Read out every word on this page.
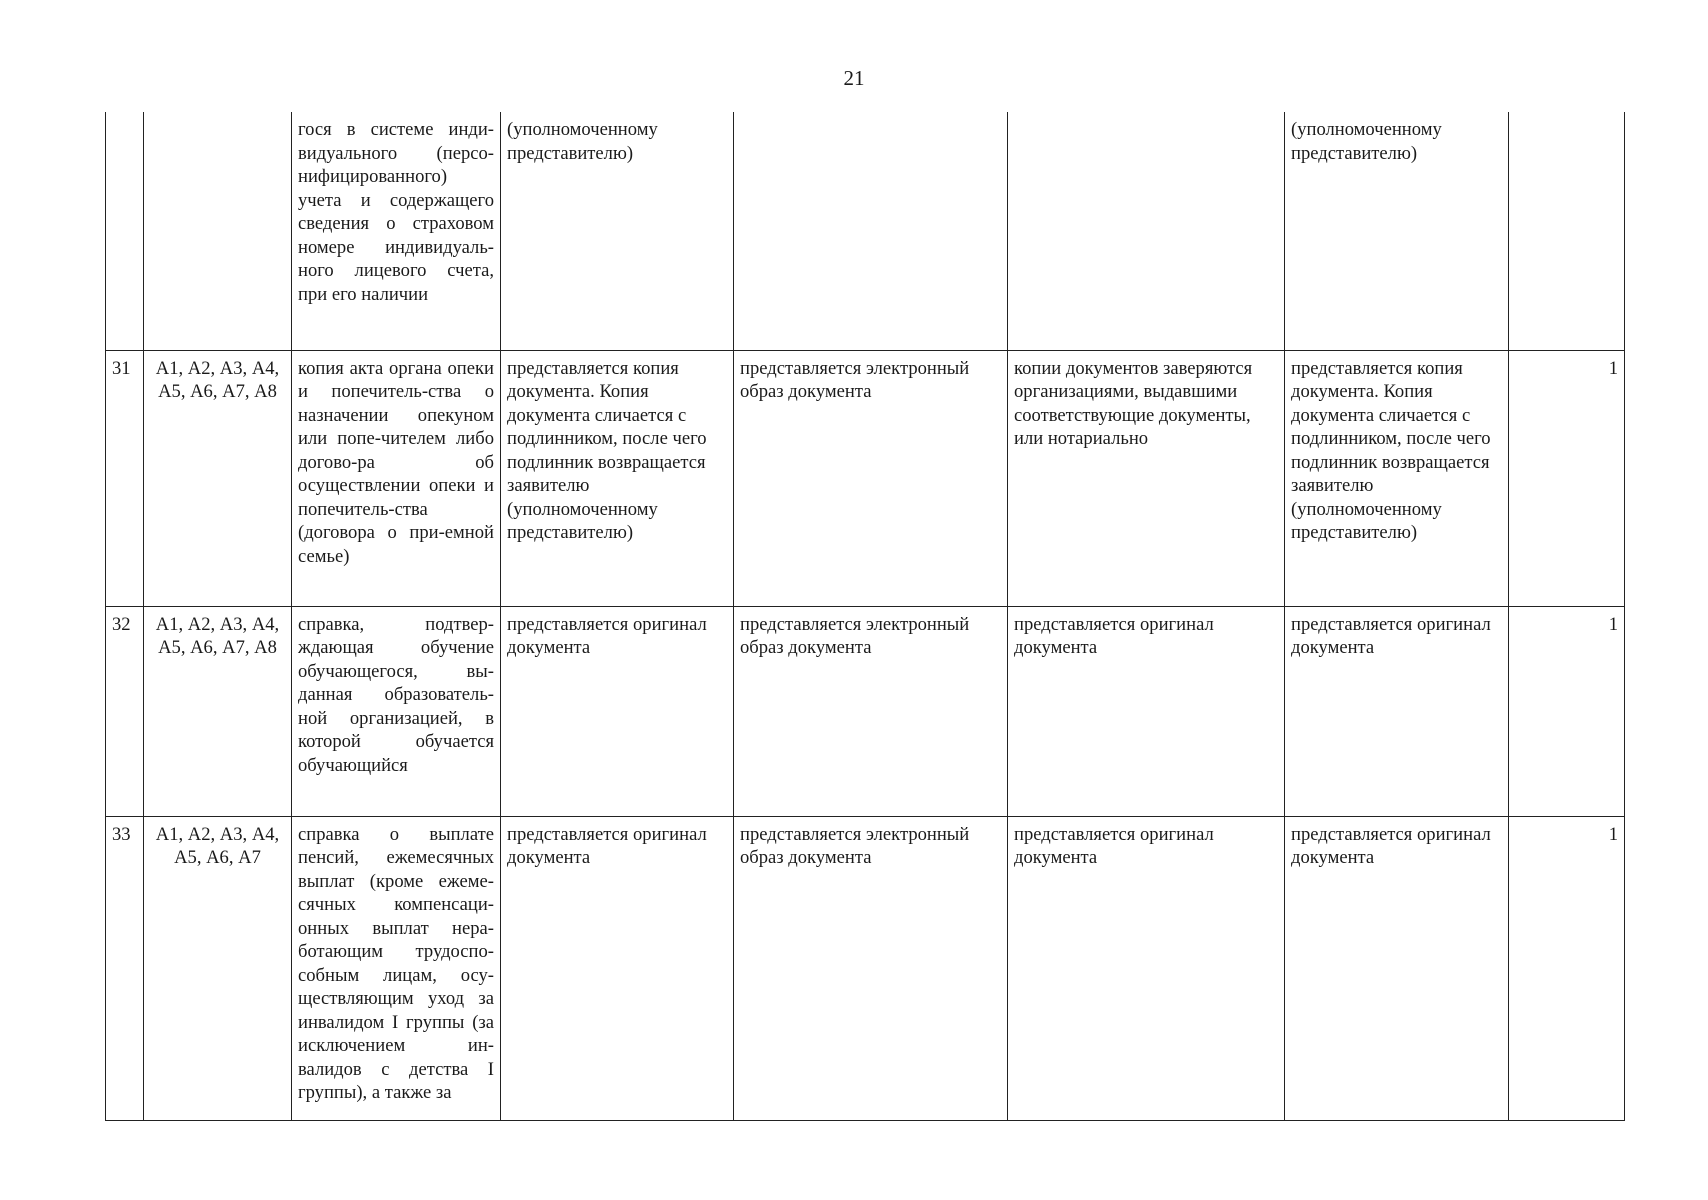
21
		гося в системе инди-видуального (персо-нифицированного) учета и содержащего сведения о страховом номере индивидуаль-ного лицевого счета, при его наличии	(уполномоченному представителю)			(уполномоченному представителю)	
31	А1, А2, А3, А4, А5, А6, А7, А8	копия акта органа опеки и попечитель-ства о назначении опекуном или попе-чителем либо догово-ра об осуществлении опеки и попечитель-ства (договора о при-емной семье)	представляется копия документа. Копия документа сличается с подлинником, после чего подлинник возвращается заявителю (уполномоченному представителю)	представляется электронный образ документа	копии документов заверяются организациями, выдавшими соответствующие документы, или нотариально	представляется копия документа. Копия документа сличается с подлинником, после чего подлинник возвращается заявителю (уполномоченному представителю)	1
32	А1, А2, А3, А4, А5, А6, А7, А8	справка, подтвер-ждающая обучение обучающегося, вы-данная образователь-ной организацией, в которой обучается обучающийся	представляется оригинал документа	представляется электронный образ документа	представляется оригинал документа	представляется оригинал документа	1
33	А1, А2, А3, А4, А5, А6, А7	справка о выплате пенсий, ежемесячных выплат (кроме ежеме-сячных компенсаци-онных выплат нера-ботающим трудоспо-собным лицам, осу-ществляющим уход за инвалидом I группы (за исключением ин-валидов с детства I группы), а также за	представляется оригинал документа	представляется электронный образ документа	представляется оригинал документа	представляется оригинал документа	1
